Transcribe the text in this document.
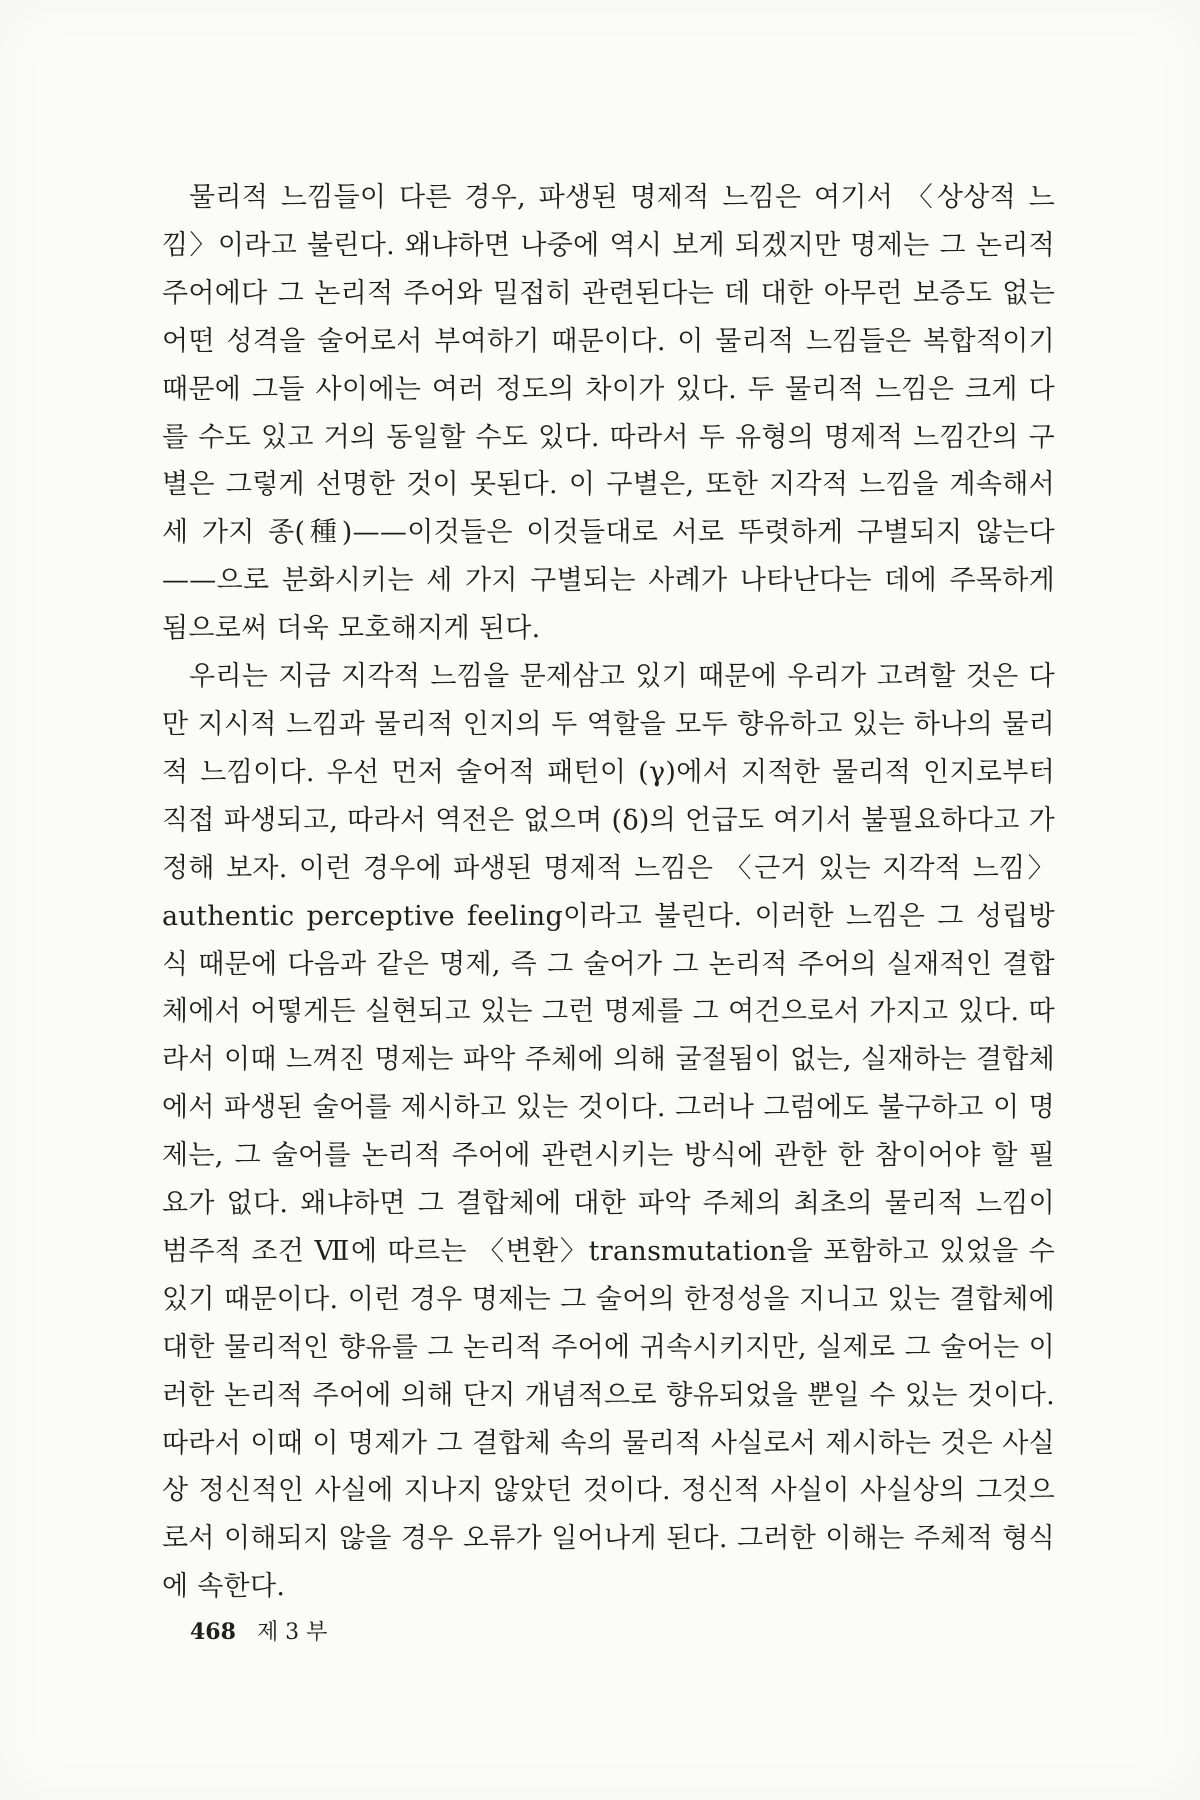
물리적 느낌들이 다른 경우, 파생된 명제적 느낌은 여기서 〈상상적 느낌〉이라고 불린다. 왜냐하면 나중에 역시 보게 되겠지만 명제는 그 논리적 주어에다 그 논리적 주어와 밀접히 관련된다는 데 대한 아무런 보증도 없는 어떤 성격을 술어로서 부여하기 때문이다. 이 물리적 느낌들은 복합적이기 때문에 그들 사이에는 여러 정도의 차이가 있다. 두 물리적 느낌은 크게 다를 수도 있고 거의 동일할 수도 있다. 따라서 두 유형의 명제적 느낌간의 구별은 그렇게 선명한 것이 못된다. 이 구별은, 또한 지각적 느낌을 계속해서 세 가지 종(種)——이것들은 이것들대로 서로 뚜렷하게 구별되지 않는다——으로 분화시키는 세 가지 구별되는 사례가 나타난다는 데에 주목하게 됨으로써 더욱 모호해지게 된다.

우리는 지금 지각적 느낌을 문제삼고 있기 때문에 우리가 고려할 것은 다만 지시적 느낌과 물리적 인지의 두 역할을 모두 향유하고 있는 하나의 물리적 느낌이다. 우선 먼저 술어적 패턴이 (γ)에서 지적한 물리적 인지로부터 직접 파생되고, 따라서 역전은 없으며 (δ)의 언급도 여기서 불필요하다고 가정해 보자. 이런 경우에 파생된 명제적 느낌은 〈근거 있는 지각적 느낌〉authentic perceptive feeling이라고 불린다. 이러한 느낌은 그 성립방식 때문에 다음과 같은 명제, 즉 그 술어가 그 논리적 주어의 실재적인 결합체에서 어떻게든 실현되고 있는 그런 명제를 그 여건으로서 가지고 있다. 따라서 이때 느껴진 명제는 파악 주체에 의해 굴절됨이 없는, 실재하는 결합체에서 파생된 술어를 제시하고 있는 것이다. 그러나 그럼에도 불구하고 이 명제는, 그 술어를 논리적 주어에 관련시키는 방식에 관한 한 참이어야 할 필요가 없다. 왜냐하면 그 결합체에 대한 파악 주체의 최초의 물리적 느낌이 범주적 조건 Ⅶ에 따르는 〈변환〉transmutation을 포함하고 있었을 수 있기 때문이다. 이런 경우 명제는 그 술어의 한정성을 지니고 있는 결합체에 대한 물리적인 향유를 그 논리적 주어에 귀속시키지만, 실제로 그 술어는 이러한 논리적 주어에 의해 단지 개념적으로 향유되었을 뿐일 수 있는 것이다. 따라서 이때 이 명제가 그 결합체 속의 물리적 사실로서 제시하는 것은 사실상 정신적인 사실에 지나지 않았던 것이다. 정신적 사실이 사실상의 그것으로서 이해되지 않을 경우 오류가 일어나게 된다. 그러한 이해는 주체적 형식에 속한다.

468 제 3 부
